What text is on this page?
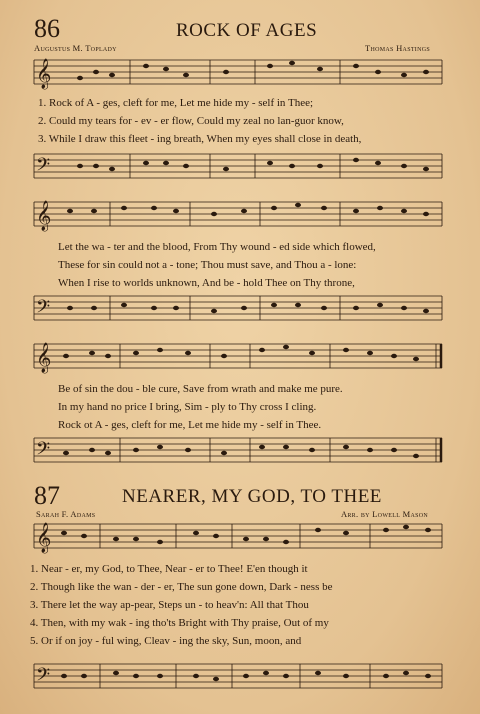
86	ROCK OF AGES
Augustus M. Toplady	Thomas Hastings
𝄞
1. Rock of A - ges, cleft for me, Let me hide my - self in Thee;
2. Could my tears for - ev - er flow, Could my zeal no lan-guor know,
3. While I draw this fleet - ing breath, When my eyes shall close in death,
𝄢
𝄞
Let the wa - ter and the blood, From Thy wound - ed side which flowed,
These for sin could not a - tone; Thou must save, and Thou a - lone:
When I rise to worlds unknown, And be - hold Thee on Thy throne,
𝄢
𝄞
Be of sin the dou - ble cure, Save from wrath and make me pure.
In my hand no price I bring, Sim - ply to Thy cross I cling.
Rock ot A - ges, cleft for me, Let me hide my - self in Thee.
𝄢
87	NEARER, MY GOD, TO THEE
Sarah F. Adams	Arr. by Lowell Mason
𝄞
1. Near - er, my God, to Thee, Near - er to Thee! E'en though it
2. Though like the wan - der - er, The sun gone down, Dark - ness be
3. There let the way ap-pear, Steps un - to heav'n: All that Thou
4. Then, with my wak - ing tho'ts Bright with Thy praise, Out of my
5. Or if on joy - ful wing, Cleav - ing the sky, Sun, moon, and
𝄢
